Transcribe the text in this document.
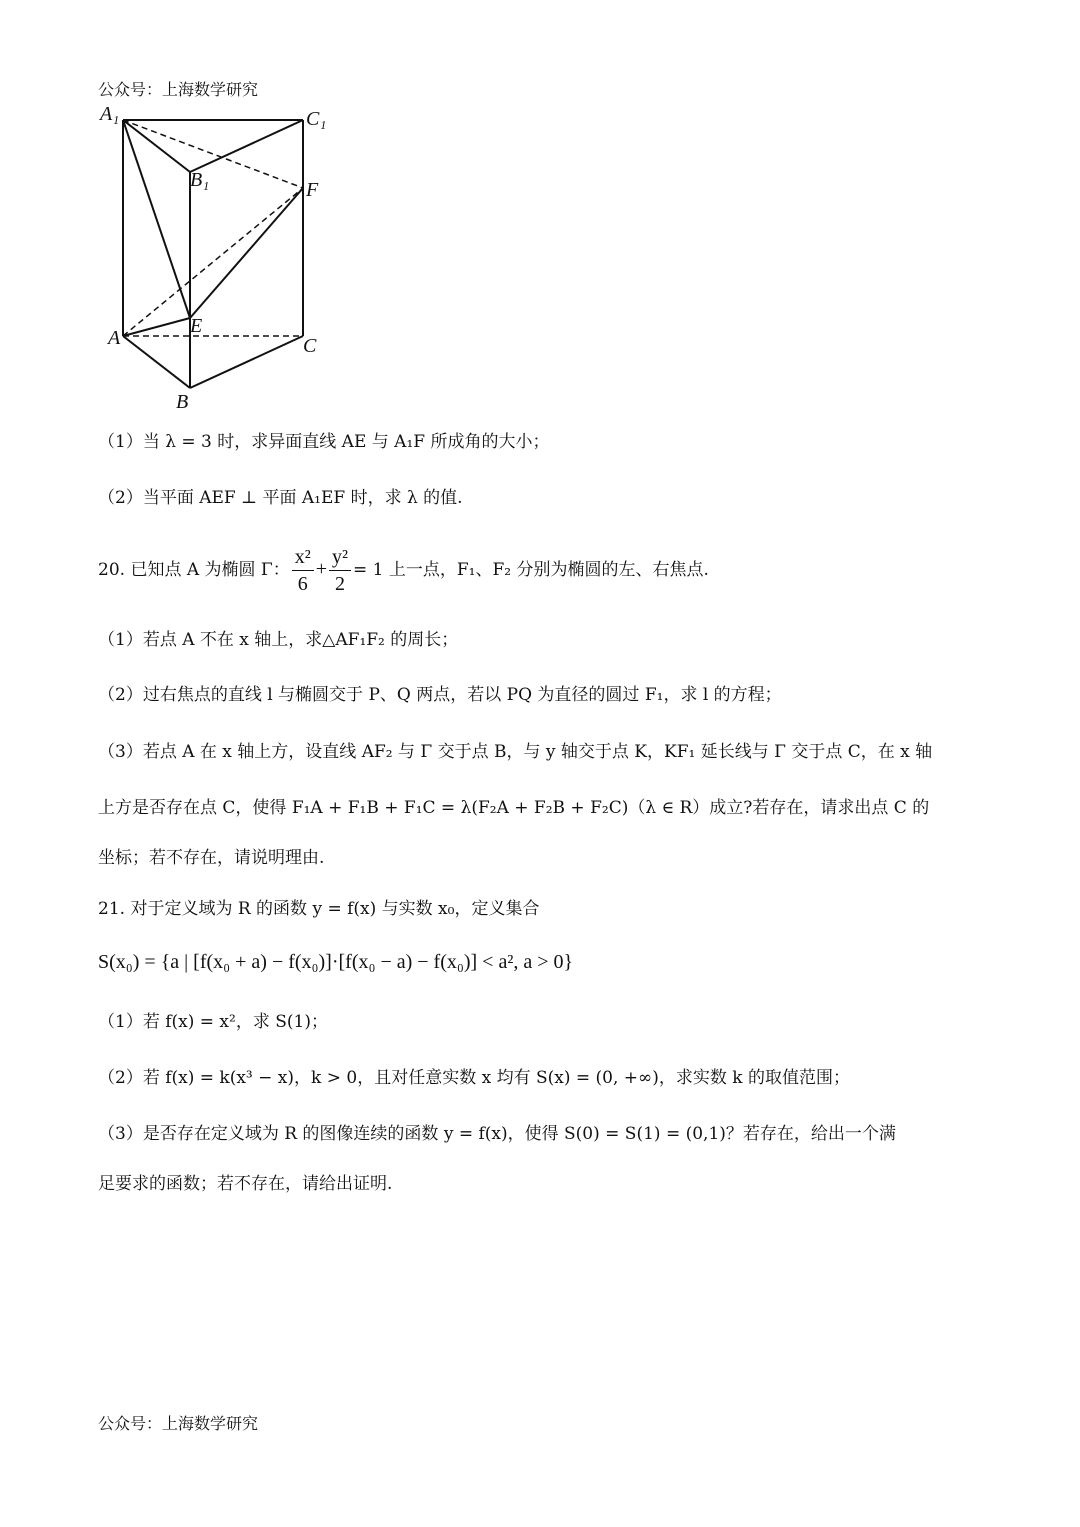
公众号：上海数学研究
A₁	C₁
B₁	F
E
A	C
B
（1）当 λ = 3 时，求异面直线 AE 与 A₁F 所成角的大小；
（2）当平面 AEF ⊥ 平面 A₁EF 时，求 λ 的值.
20. 已知点 A 为椭圆 Γ： $\frac{\text{x²}}{6} + \frac{\text{y²}}{2} = 1$ 上一点，F₁、F₂ 分别为椭圆的左、右焦点.
（1）若点 A 不在 x 轴上，求△AF₁F₂ 的周长；
（2）过右焦点的直线 l 与椭圆交于 P、Q 两点，若以 PQ 为直径的圆过 F₁，求 l 的方程；
（3）若点 A 在 x 轴上方，设直线 AF₂ 与 Γ 交于点 B，与 y 轴交于点 K，KF₁ 延长线与 Γ 交于点 C，在 x 轴
上方是否存在点 C，使得 F₁A + F₁B + F₁C = λ(F₂A + F₂B + F₂C)（λ ∈ R）成立?若存在，请求出点 C 的
坐标；若不存在，请说明理由.
21. 对于定义域为 R 的函数 y = f(x) 与实数 x₀，定义集合
S(x₀) = {a | [f(x₀ + a) − f(x₀)]·[f(x₀ − a) − f(x₀)] < a², a > 0}
（1）若 f(x) = x²，求 S(1)；
（2）若 f(x) = k(x³ − x)，k > 0，且对任意实数 x 均有 S(x) = (0, +∞)，求实数 k 的取值范围；
（3）是否存在定义域为 R 的图像连续的函数 y = f(x)，使得 S(0) = S(1) = (0,1)？若存在，给出一个满
足要求的函数；若不存在，请给出证明.
公众号：上海数学研究
